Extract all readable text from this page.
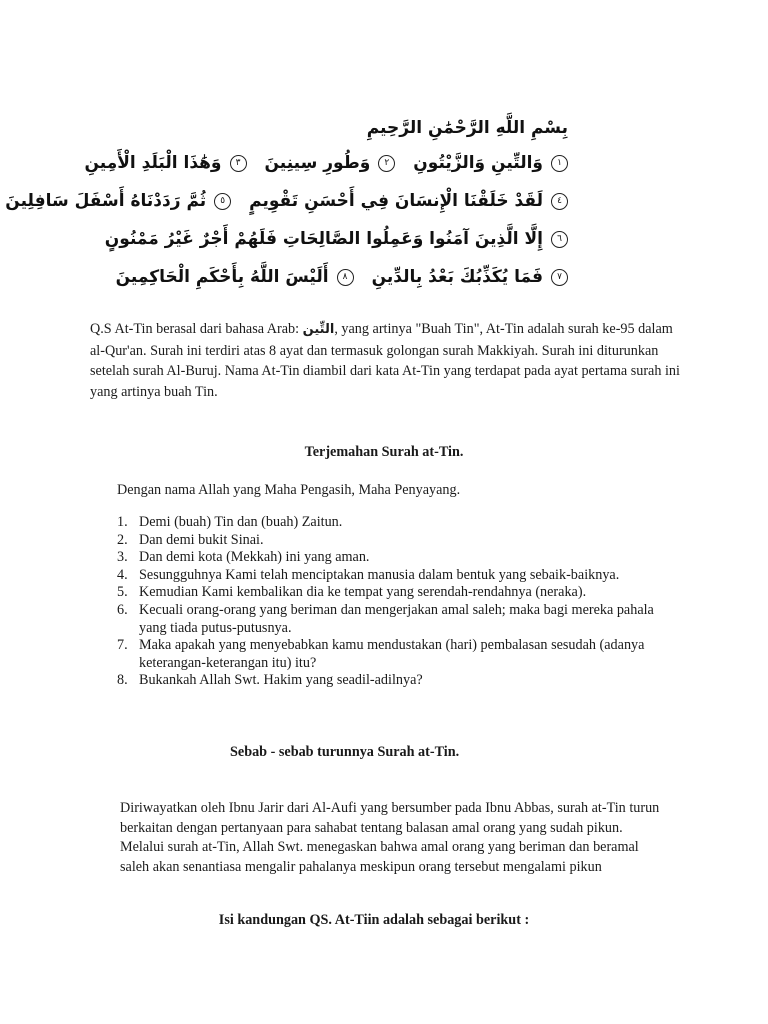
بِسْمِ اللَّهِ الرَّحْمَٰنِ الرَّحِيمِ
١
وَالتِّينِ وَالزَّيْتُونِ
٢
وَطُورِ سِينِينَ
٣
وَهَٰذَا الْبَلَدِ الْأَمِينِ
٤
لَقَدْ خَلَقْنَا الْإِنسَانَ فِي أَحْسَنِ تَقْوِيمٍ
٥
ثُمَّ رَدَدْنَاهُ أَسْفَلَ سَافِلِينَ
٦
إِلَّا الَّذِينَ آمَنُوا وَعَمِلُوا الصَّالِحَاتِ فَلَهُمْ أَجْرٌ غَيْرُ مَمْنُونٍ
٧
فَمَا يُكَذِّبُكَ بَعْدُ بِالدِّينِ
٨
أَلَيْسَ اللَّهُ بِأَحْكَمِ الْحَاكِمِينَ

Q.S At-Tin berasal dari bahasa Arab: التِّين, yang artinya "Buah Tin", At-Tin adalah surah ke-95 dalam al-Qur'an. Surah ini terdiri atas 8 ayat dan termasuk golongan surah Makkiyah. Surah ini diturunkan setelah surah Al-Buruj. Nama At-Tin diambil dari kata At-Tin yang terdapat pada ayat pertama surah ini yang artinya buah Tin.

Terjemahan Surah at-Tin.

Dengan nama Allah yang Maha Pengasih, Maha Penyayang.

1. Demi (buah) Tin dan (buah) Zaitun.
2. Dan demi bukit Sinai.
3. Dan demi kota (Mekkah) ini yang aman.
4. Sesungguhnya Kami telah menciptakan manusia dalam bentuk yang sebaik-baiknya.
5. Kemudian Kami kembalikan dia ke tempat yang serendah-rendahnya (neraka).
6. Kecuali orang-orang yang beriman dan mengerjakan amal saleh; maka bagi mereka pahala yang tiada putus-putusnya.
7. Maka apakah yang menyebabkan kamu mendustakan (hari) pembalasan sesudah (adanya keterangan-keterangan itu) itu?
8. Bukankah Allah Swt. Hakim yang seadil-adilnya?
Sebab - sebab turunnya Surah at-Tin.

Diriwayatkan oleh Ibnu Jarir dari Al-Aufi yang bersumber pada Ibnu Abbas, surah at-Tin turun berkaitan dengan pertanyaan para sahabat tentang balasan amal orang yang sudah pikun. Melalui surah at-Tin, Allah Swt. menegaskan bahwa amal orang yang beriman dan beramal saleh akan senantiasa mengalir pahalanya meskipun orang tersebut mengalami pikun

Isi kandungan QS. At-Tiin adalah sebagai berikut :
